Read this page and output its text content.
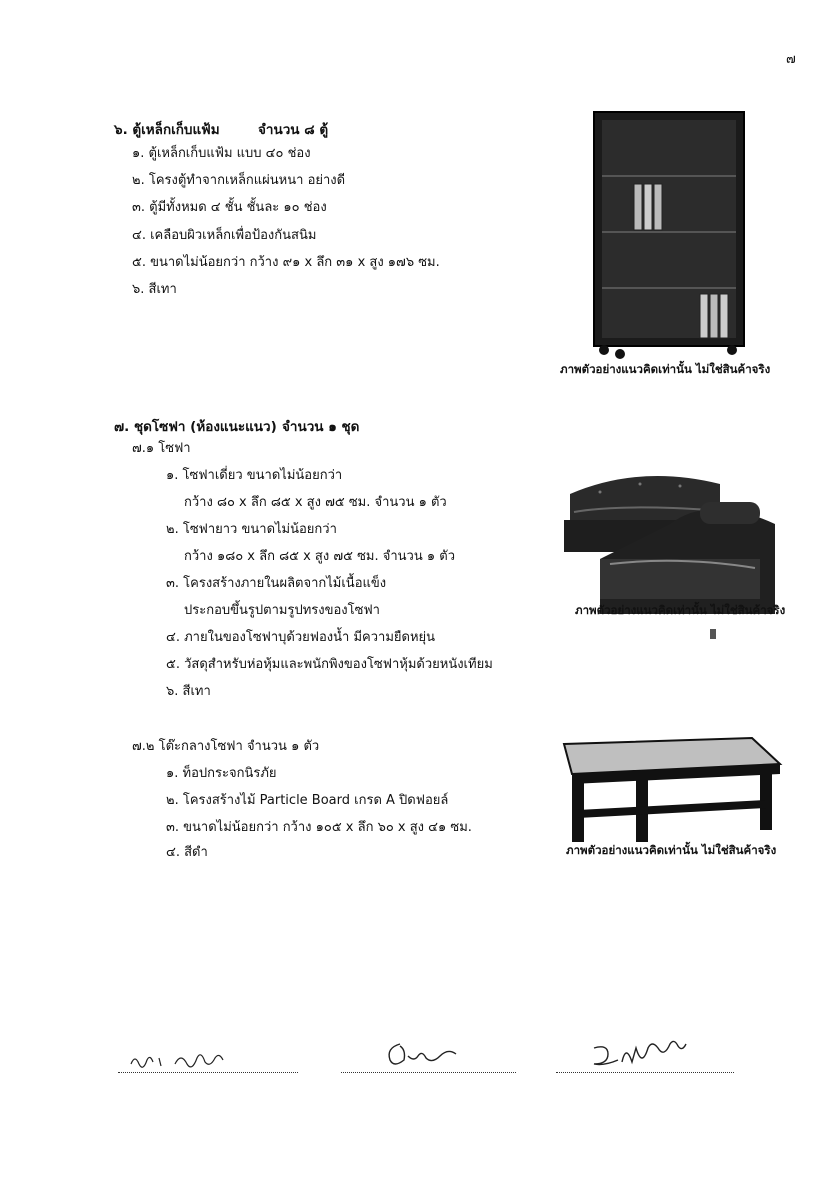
๗
๖. ตู้เหล็กเก็บแฟ้ม	จำนวน ๘ ตู้
๑. ตู้เหล็กเก็บแฟ้ม แบบ ๔๐ ช่อง
๒. โครงตู้ทำจากเหล็กแผ่นหนา อย่างดี
๓. ตู้มีทั้งหมด ๔ ชั้น ชั้นละ ๑๐ ช่อง
๔. เคลือบผิวเหล็กเพื่อป้องกันสนิม
๕. ขนาดไม่น้อยกว่า กว้าง ๙๑ x ลึก ๓๑ x สูง ๑๗๖ ซม.
๖. สีเทา
ภาพตัวอย่างแนวคิดเท่านั้น ไม่ใช่สินค้าจริง
๗. ชุดโซฟา (ห้องแนะแนว) จำนวน ๑ ชุด
๗.๑ โซฟา
๑. โซฟาเดี่ยว ขนาดไม่น้อยกว่า
กว้าง ๘๐ x ลึก ๘๕ x สูง ๗๕ ซม. จำนวน ๑ ตัว
๒. โซฟายาว ขนาดไม่น้อยกว่า
กว้าง ๑๘๐ x ลึก ๘๕ x สูง ๗๕ ซม. จำนวน ๑ ตัว
๓. โครงสร้างภายในผลิตจากไม้เนื้อแข็ง
ประกอบขึ้นรูปตามรูปทรงของโซฟา
๔. ภายในของโซฟาบุด้วยฟองน้ำ มีความยืดหยุ่น
๕. วัสดุสำหรับห่อหุ้มและพนักพิงของโซฟาหุ้มด้วยหนังเทียม
๖. สีเทา
ภาพตัวอย่างแนวคิดเท่านั้น ไม่ใช่สินค้าจริง
๗.๒ โต๊ะกลางโซฟา จำนวน ๑ ตัว
๑. ท็อปกระจกนิรภัย
๒. โครงสร้างไม้ Particle Board เกรด A ปิดฟอยล์
๓. ขนาดไม่น้อยกว่า กว้าง ๑๐๕ x ลึก ๖๐ x สูง ๔๑ ซม.
๔. สีดำ	ภาพตัวอย่างแนวคิดเท่านั้น ไม่ใช่สินค้าจริง
